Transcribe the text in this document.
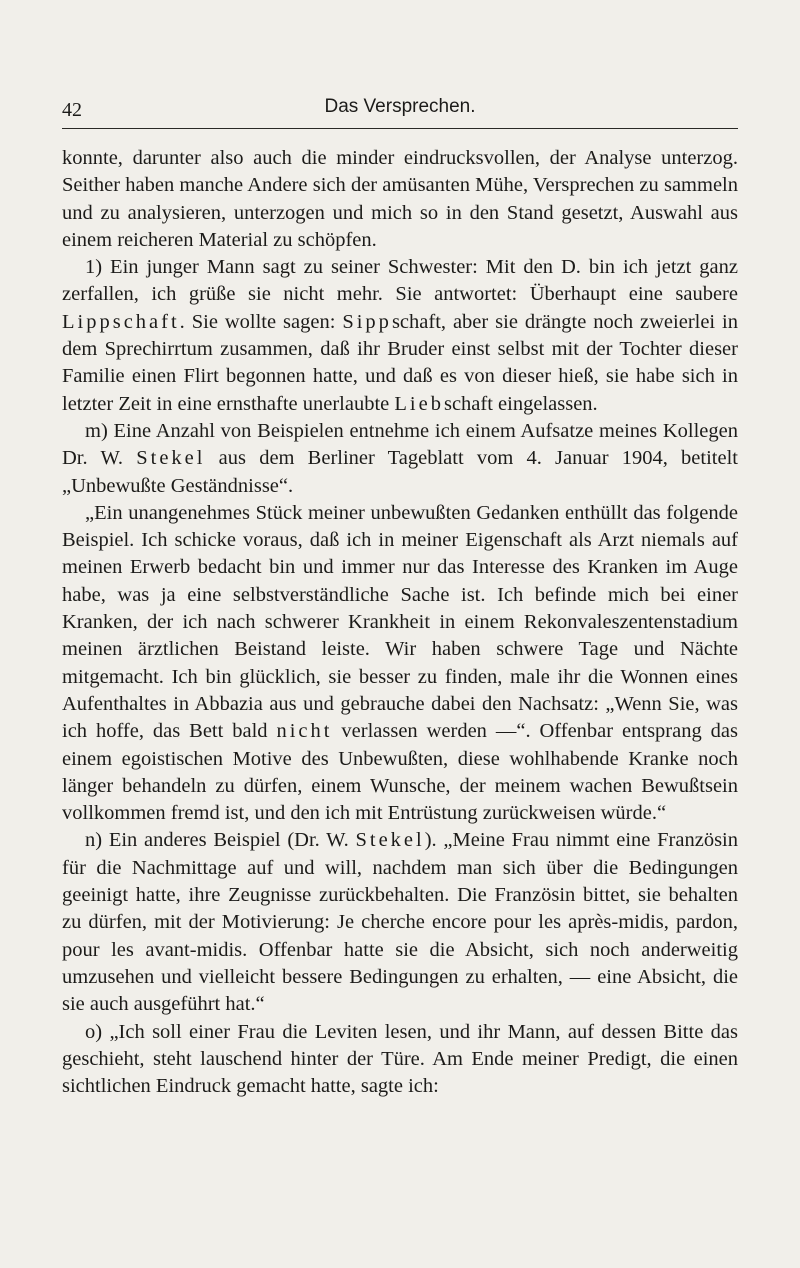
42	Das Versprechen.

konnte, darunter also auch die minder eindrucksvollen, der Analyse unterzog. Seither haben manche Andere sich der amüsanten Mühe, Versprechen zu sammeln und zu analysieren, unterzogen und mich so in den Stand gesetzt, Auswahl aus einem reicheren Material zu schöpfen.

1) Ein junger Mann sagt zu seiner Schwester: Mit den D. bin ich jetzt ganz zerfallen, ich grüße sie nicht mehr. Sie antwortet: Überhaupt eine saubere Lippschaft. Sie wollte sagen: Sippschaft, aber sie drängte noch zweierlei in dem Sprechirrtum zusammen, daß ihr Bruder einst selbst mit der Tochter dieser Familie einen Flirt begonnen hatte, und daß es von dieser hieß, sie habe sich in letzter Zeit in eine ernsthafte unerlaubte Liebschaft eingelassen.

m) Eine Anzahl von Beispielen entnehme ich einem Aufsatze meines Kollegen Dr. W. Stekel aus dem Berliner Tageblatt vom 4. Januar 1904, betitelt „Unbewußte Geständnisse“.

„Ein unangenehmes Stück meiner unbewußten Gedanken enthüllt das folgende Beispiel. Ich schicke voraus, daß ich in meiner Eigenschaft als Arzt niemals auf meinen Erwerb bedacht bin und immer nur das Interesse des Kranken im Auge habe, was ja eine selbstverständliche Sache ist. Ich befinde mich bei einer Kranken, der ich nach schwerer Krankheit in einem Rekonvaleszentenstadium meinen ärztlichen Beistand leiste. Wir haben schwere Tage und Nächte mitgemacht. Ich bin glücklich, sie besser zu finden, male ihr die Wonnen eines Aufenthaltes in Abbazia aus und gebrauche dabei den Nachsatz: „Wenn Sie, was ich hoffe, das Bett bald nicht verlassen werden —“. Offenbar entsprang das einem egoistischen Motive des Unbewußten, diese wohlhabende Kranke noch länger behandeln zu dürfen, einem Wunsche, der meinem wachen Bewußtsein vollkommen fremd ist, und den ich mit Entrüstung zurückweisen würde.“

n) Ein anderes Beispiel (Dr. W. Stekel). „Meine Frau nimmt eine Französin für die Nachmittage auf und will, nachdem man sich über die Bedingungen geeinigt hatte, ihre Zeugnisse zurückbehalten. Die Französin bittet, sie behalten zu dürfen, mit der Motivierung: Je cherche encore pour les après-midis, pardon, pour les avant-midis. Offenbar hatte sie die Absicht, sich noch anderweitig umzusehen und vielleicht bessere Bedingungen zu erhalten, — eine Absicht, die sie auch ausgeführt hat.“

o) „Ich soll einer Frau die Leviten lesen, und ihr Mann, auf dessen Bitte das geschieht, steht lauschend hinter der Türe. Am Ende meiner Predigt, die einen sichtlichen Eindruck gemacht hatte, sagte ich:
